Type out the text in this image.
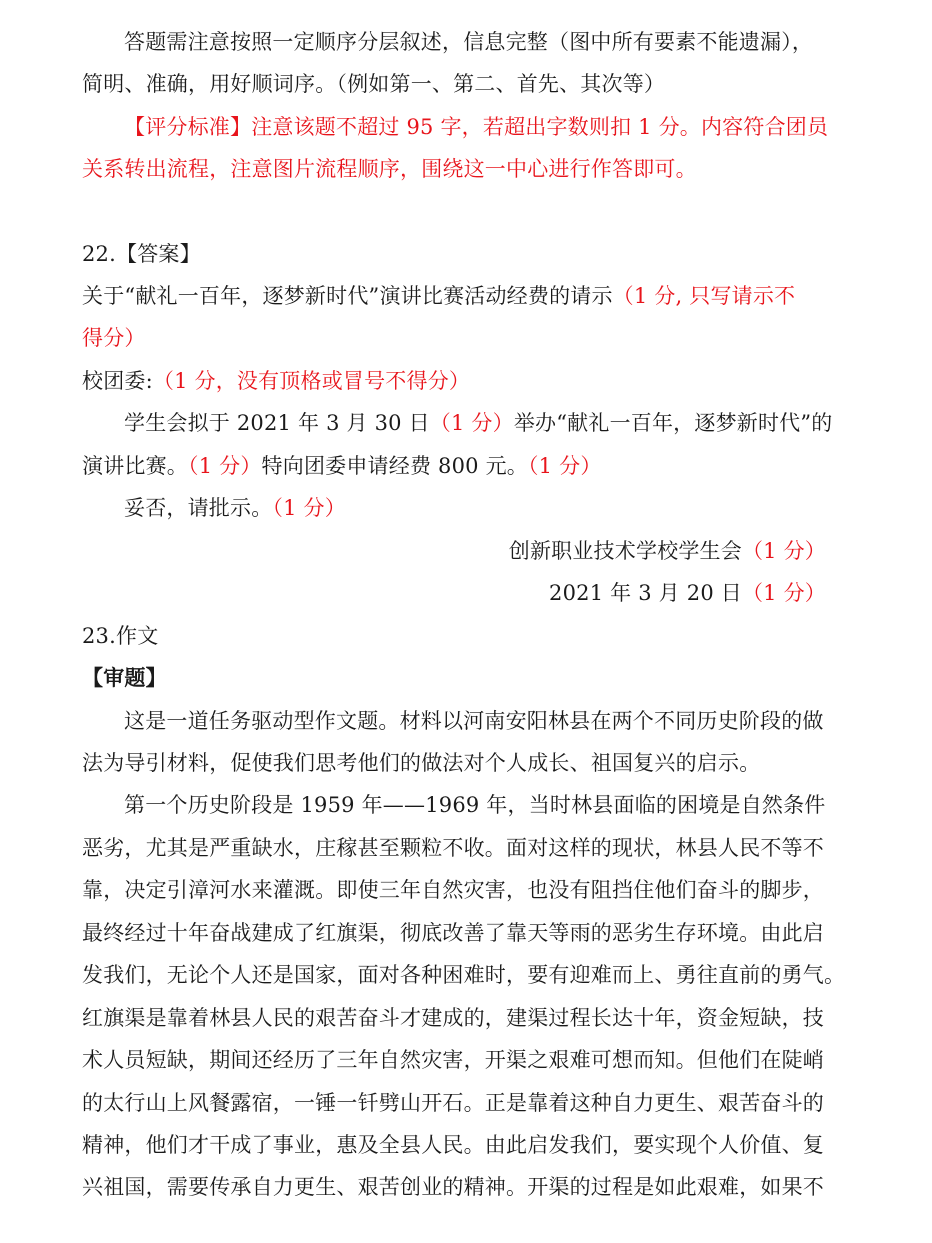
答题需注意按照一定顺序分层叙述，信息完整（图中所有要素不能遗漏），
简明、准确，用好顺词序。（例如第一、第二、首先、其次等）
【评分标准】注意该题不超过 95 字，若超出字数则扣 1 分。内容符合团员
关系转出流程，注意图片流程顺序，围绕这一中心进行作答即可。
22.【答案】
关于“献礼一百年，逐梦新时代”演讲比赛活动经费的请示（1 分, 只写请示不
得分）
校团委:（1 分，没有顶格或冒号不得分）
学生会拟于 2021 年 3 月 30 日（1 分）举办“献礼一百年，逐梦新时代”的
演讲比赛。（1 分）特向团委申请经费 800 元。（1 分）
妥否，请批示。（1 分）
创新职业技术学校学生会（1 分）
2021 年 3 月 20 日（1 分）
23.作文
【审题】
这是一道任务驱动型作文题。材料以河南安阳林县在两个不同历史阶段的做
法为导引材料，促使我们思考他们的做法对个人成长、祖国复兴的启示。
第一个历史阶段是 1959 年——1969 年，当时林县面临的困境是自然条件
恶劣，尤其是严重缺水，庄稼甚至颗粒不收。面对这样的现状，林县人民不等不
靠，决定引漳河水来灌溉。即使三年自然灾害，也没有阻挡住他们奋斗的脚步，
最终经过十年奋战建成了红旗渠，彻底改善了靠天等雨的恶劣生存环境。由此启
发我们，无论个人还是国家，面对各种困难时，要有迎难而上、勇往直前的勇气。
红旗渠是靠着林县人民的艰苦奋斗才建成的，建渠过程长达十年，资金短缺，技
术人员短缺，期间还经历了三年自然灾害，开渠之艰难可想而知。但他们在陡峭
的太行山上风餐露宿，一锤一钎劈山开石。正是靠着这种自力更生、艰苦奋斗的
精神，他们才干成了事业，惠及全县人民。由此启发我们，要实现个人价值、复
兴祖国，需要传承自力更生、艰苦创业的精神。开渠的过程是如此艰难，如果不
